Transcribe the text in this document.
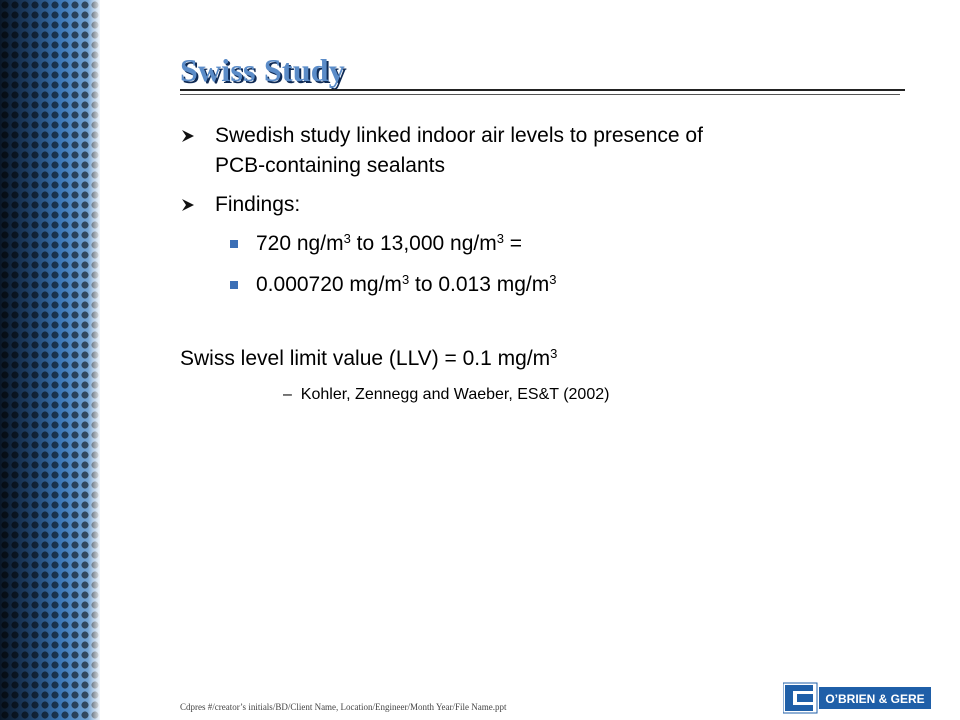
Swiss Study
Swedish study linked indoor air levels to presence of
PCB-containing sealants
Findings:
720 $ng/m^3$ to 13,000 $ng/m^3$ =
0.000720 $mg/m^3$ to 0.013 $mg/m^3$
Swiss level limit value (LLV) = 0.1 $mg/m^3$
– Kohler, Zennegg and Waeber, ES&T (2002)
Cdpres #/creator’s initials/BD/Client Name, Location/Engineer/Month Year/File Name.ppt
O’BRIEN & GERE
